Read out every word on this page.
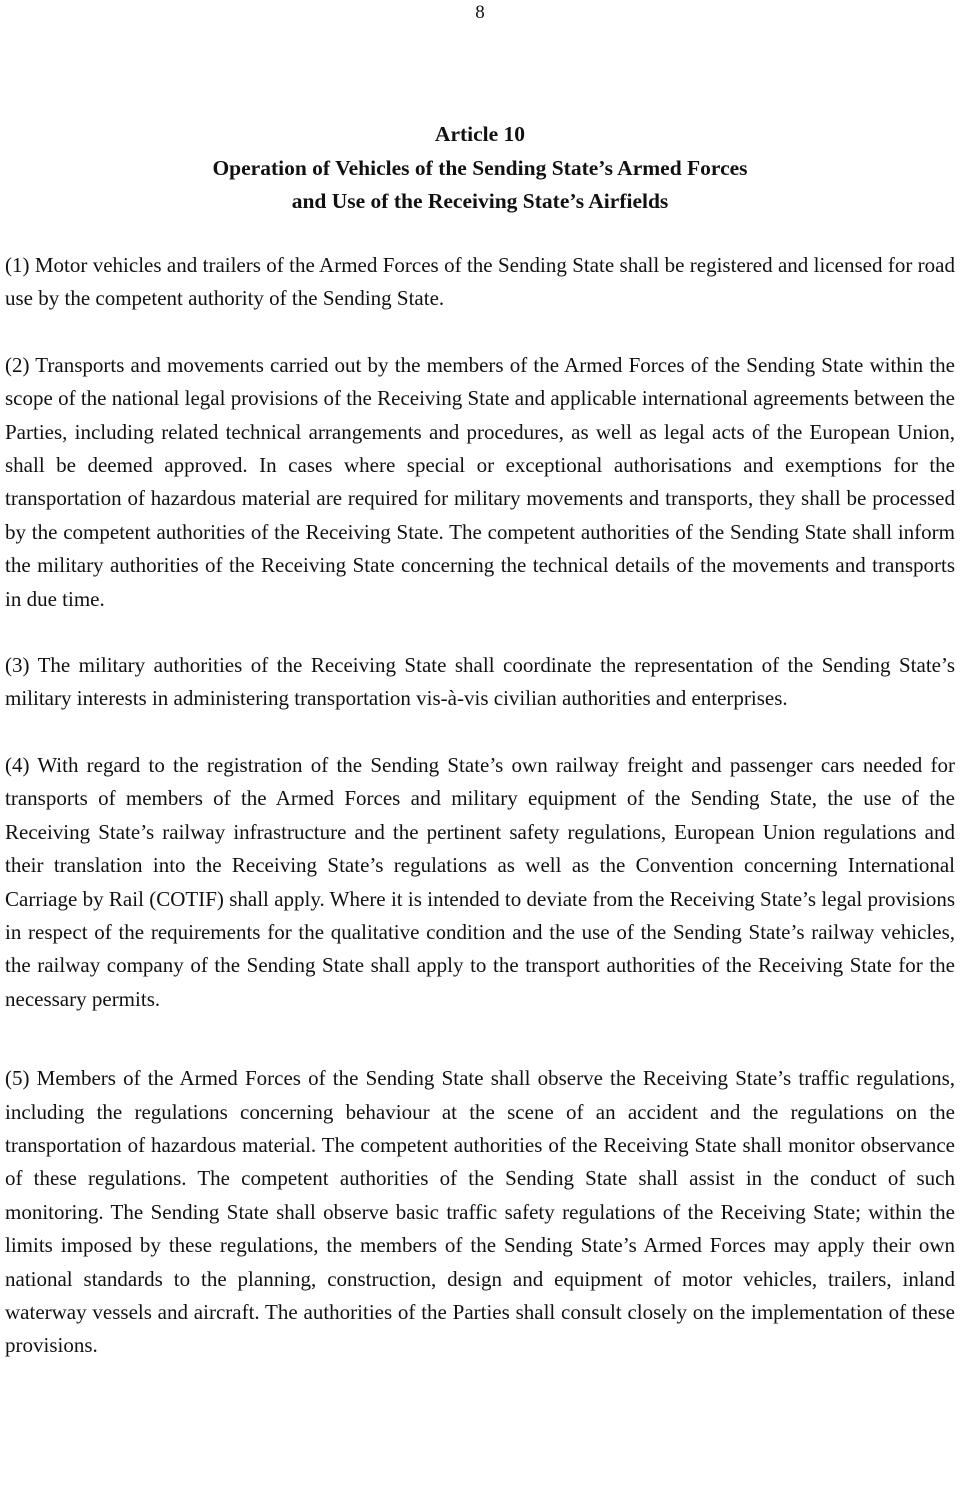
8
Article 10
Operation of Vehicles of the Sending State’s Armed Forces
and Use of the Receiving State’s Airfields

(1) Motor vehicles and trailers of the Armed Forces of the Sending State shall be registered and licensed for road use by the competent authority of the Sending State.

(2) Transports and movements carried out by the members of the Armed Forces of the Sending State within the scope of the national legal provisions of the Receiving State and applicable international agreements between the Parties, including related technical arrangements and procedures, as well as legal acts of the European Union, shall be deemed approved. In cases where special or exceptional authorisations and exemptions for the transportation of hazardous material are required for military movements and transports, they shall be processed by the competent authorities of the Receiving State. The competent authorities of the Sending State shall inform the military authorities of the Receiving State concerning the technical details of the movements and transports in due time.

(3) The military authorities of the Receiving State shall coordinate the representation of the Sending State’s military interests in administering transportation vis-à-vis civilian authorities and enterprises.

(4) With regard to the registration of the Sending State’s own railway freight and passenger cars needed for transports of members of the Armed Forces and military equipment of the Sending State, the use of the Receiving State’s railway infrastructure and the pertinent safety regulations, European Union regulations and their translation into the Receiving State’s regulations as well as the Convention concerning International Carriage by Rail (COTIF) shall apply. Where it is intended to deviate from the Receiving State’s legal provisions in respect of the requirements for the qualitative condition and the use of the Sending State’s railway vehicles, the railway company of the Sending State shall apply to the transport authorities of the Receiving State for the necessary permits.

(5) Members of the Armed Forces of the Sending State shall observe the Receiving State’s traffic regulations, including the regulations concerning behaviour at the scene of an accident and the regulations on the transportation of hazardous material. The competent authorities of the Receiving State shall monitor observance of these regulations. The competent authorities of the Sending State shall assist in the conduct of such monitoring. The Sending State shall observe basic traffic safety regulations of the Receiving State; within the limits imposed by these regulations, the members of the Sending State’s Armed Forces may apply their own national standards to the planning, construction, design and equipment of motor vehicles, trailers, inland waterway vessels and aircraft. The authorities of the Parties shall consult closely on the implementation of these provisions.
